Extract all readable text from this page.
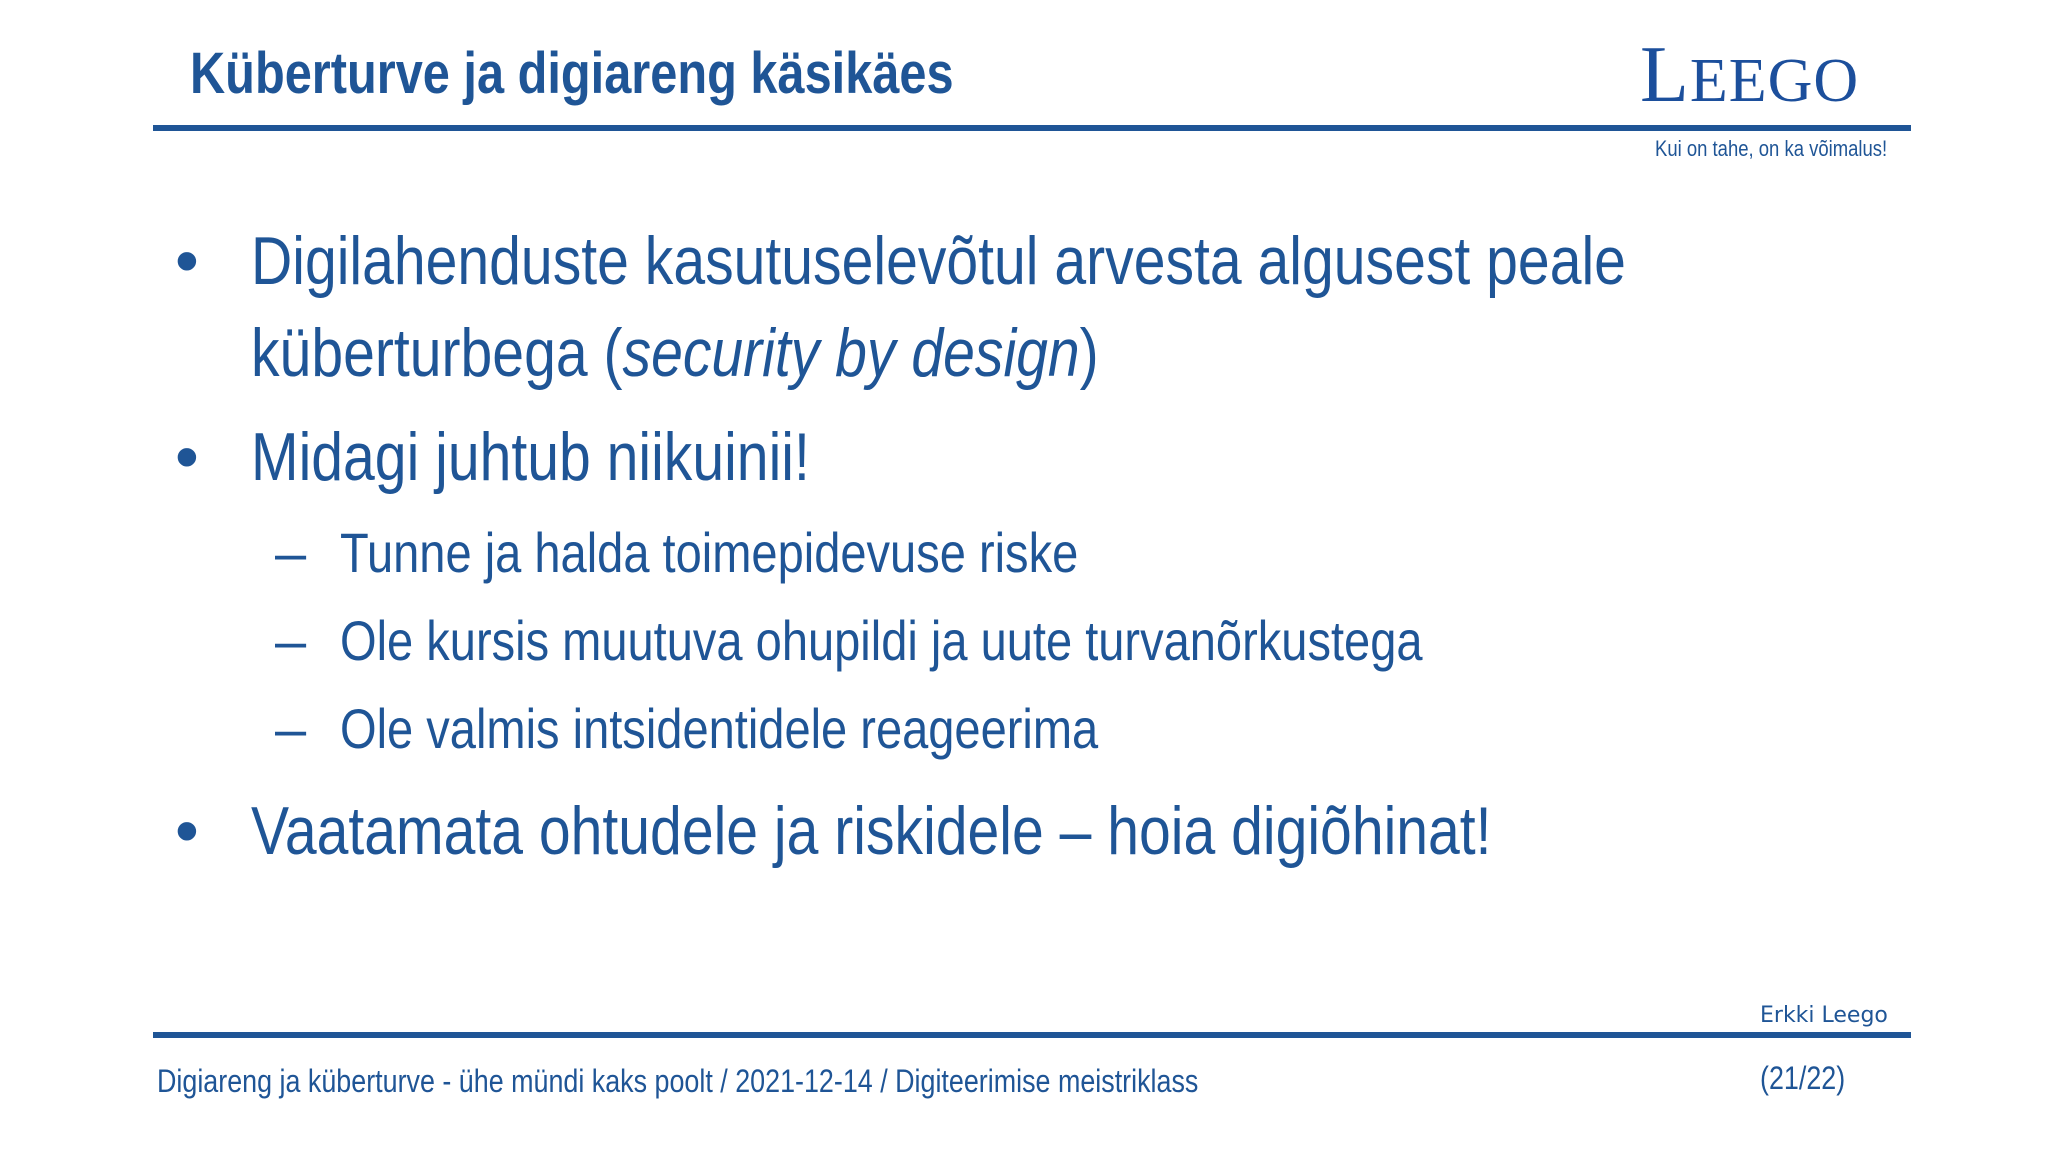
Küberturve ja digiareng käsikäes	LEEGO
Kui on tahe, on ka võimalus!
• Digilahenduste kasutuselevõtul arvesta algusest peale
küberturbega (security by design)
• Midagi juhtub niikuinii!
– Tunne ja halda toimepidevuse riske
– Ole kursis muutuva ohupildi ja uute turvanõrkustega
– Ole valmis intsidentidele reageerima
• Vaatamata ohtudele ja riskidele – hoia digiõhinat!
Erkki Leego
Digiareng ja küberturve - ühe mündi kaks poolt / 2021-12-14 / Digiteerimise meistriklass	(21/22)
